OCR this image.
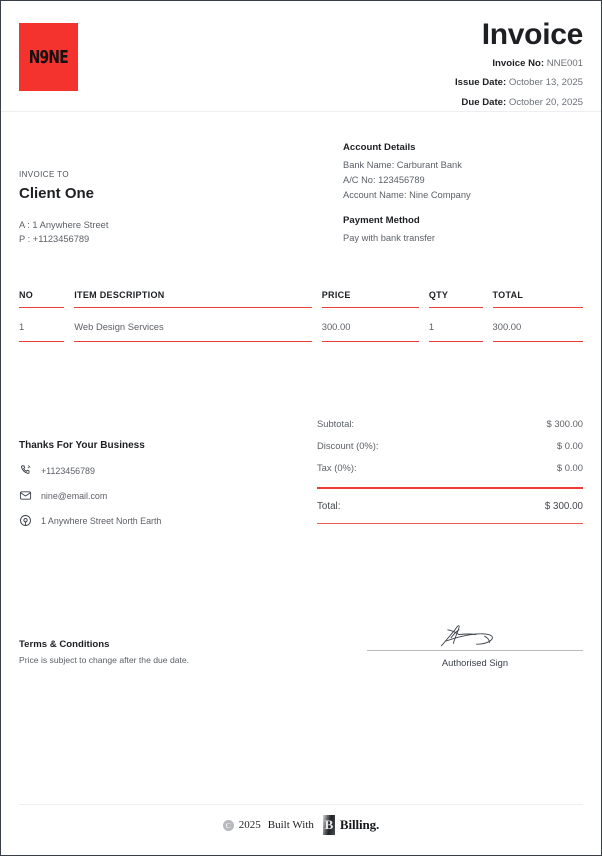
N9NE
Invoice
Invoice No: NNE001
Issue Date: October 13, 2025
Due Date: October 20, 2025
INVOICE TO
Client One
A : 1 Anywhere Street
P : +1123456789
Account Details
Bank Name: Carburant Bank
A/C No: 123456789
Account Name: Nine Company
Payment Method
Pay with bank transfer
NO	ITEM DESCRIPTION	PRICE	QTY	TOTAL
1	Web Design Services	300.00	1	300.00
Thanks For Your Business
+1123456789
nine@email.com
1 Anywhere Street North Earth
Subtotal:	$ 300.00
Discount (0%):	$ 0.00
Tax (0%):	$ 0.00
Total:	$ 300.00
Terms & Conditions
Price is subject to change after the due date.	Authorised Sign
C 2025 Built With B Billing.
